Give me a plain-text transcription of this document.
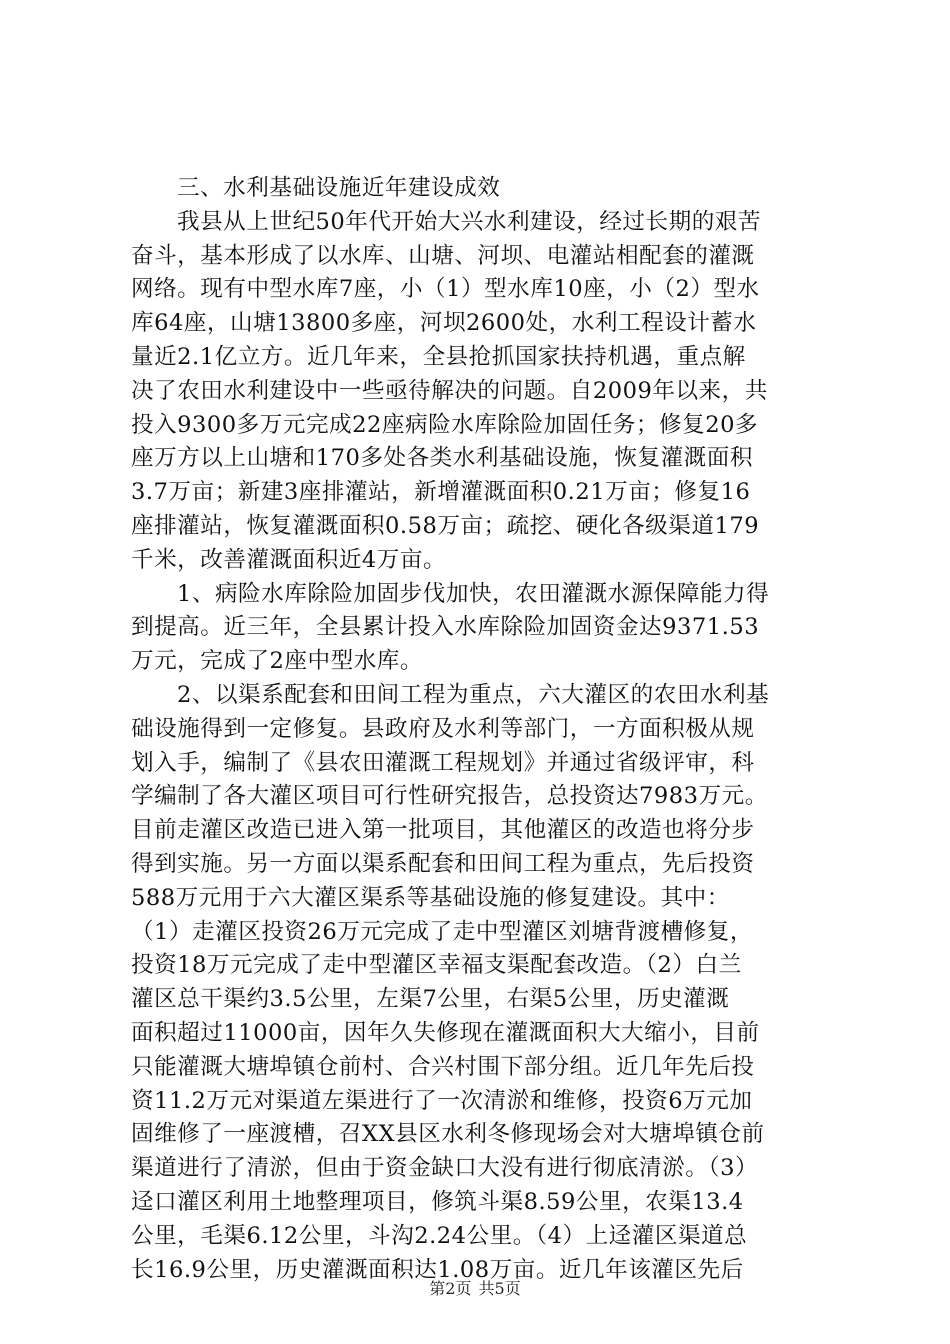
三、水利基础设施近年建设成效
我县从上世纪50年代开始大兴水利建设，经过长期的艰苦
奋斗，基本形成了以水库、山塘、河坝、电灌站相配套的灌溉
网络。现有中型水库7座，小（1）型水库10座，小（2）型水
库64座，山塘13800多座，河坝2600处，水利工程设计蓄水
量近2.1亿立方。近几年来，全县抢抓国家扶持机遇，重点解
决了农田水利建设中一些亟待解决的问题。自2009年以来，共
投入9300多万元完成22座病险水库除险加固任务；修复20多
座万方以上山塘和170多处各类水利基础设施，恢复灌溉面积
3.7万亩；新建3座排灌站，新增灌溉面积0.21万亩；修复16
座排灌站，恢复灌溉面积0.58万亩；疏挖、硬化各级渠道179
千米，改善灌溉面积近4万亩。
1、病险水库除险加固步伐加快，农田灌溉水源保障能力得
到提高。近三年，全县累计投入水库除险加固资金达9371.53
万元，完成了2座中型水库。
2、以渠系配套和田间工程为重点，六大灌区的农田水利基
础设施得到一定修复。县政府及水利等部门，一方面积极从规
划入手，编制了《县农田灌溉工程规划》并通过省级评审，科
学编制了各大灌区项目可行性研究报告，总投资达7983万元。
目前走灌区改造已进入第一批项目，其他灌区的改造也将分步
得到实施。另一方面以渠系配套和田间工程为重点，先后投资
588万元用于六大灌区渠系等基础设施的修复建设。其中：
（1）走灌区投资26万元完成了走中型灌区刘塘背渡槽修复，
投资18万元完成了走中型灌区幸福支渠配套改造。（2）白兰
灌区总干渠约3.5公里，左渠7公里，右渠5公里，历史灌溉
面积超过11000亩，因年久失修现在灌溉面积大大缩小，目前
只能灌溉大塘埠镇仓前村、合兴村围下部分组。近几年先后投
资11.2万元对渠道左渠进行了一次清淤和维修，投资6万元加
固维修了一座渡槽，召XX县区水利冬修现场会对大塘埠镇仓前
渠道进行了清淤，但由于资金缺口大没有进行彻底清淤。（3）
迳口灌区利用土地整理项目，修筑斗渠8.59公里，农渠13.4
公里，毛渠6.12公里，斗沟2.24公里。（4）上迳灌区渠道总
长16.9公里，历史灌溉面积达1.08万亩。近几年该灌区先后
第2页 共5页
